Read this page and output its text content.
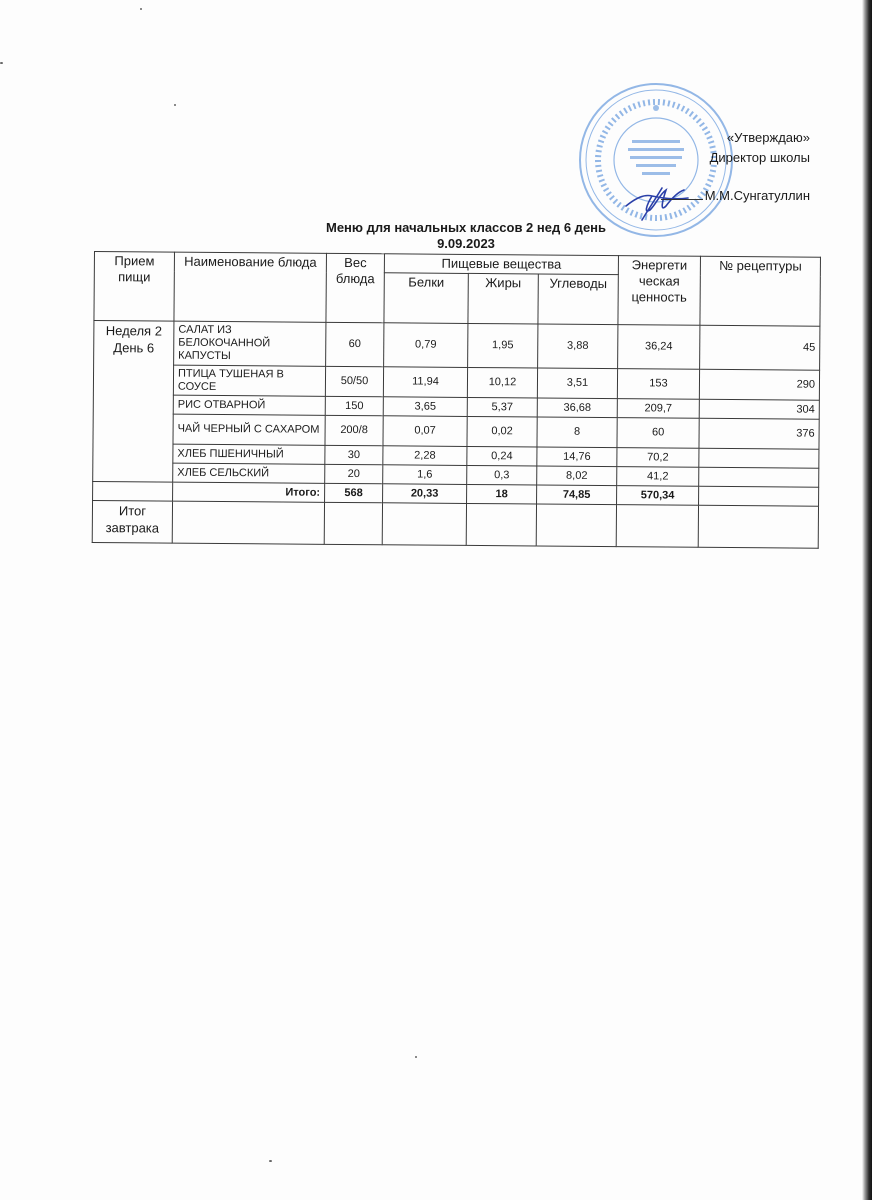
«Утверждаю»
Директор школы
М.М.Сунгатуллин
Меню для начальных классов 2 нед 6 день
9.09.2023
Прием пищи	Наименование блюда	Вес блюда	Пищевые вещества			Энергети ческая ценность	№ рецептуры
			Белки	Жиры	Углеводы		
Неделя 2 День 6	САЛАТ ИЗ БЕЛОКОЧАННОЙ КАПУСТЫ	60	0,79	1,95	3,88	36,24	45
	ПТИЦА ТУШЕНАЯ В СОУСЕ	50/50	11,94	10,12	3,51	153	290
	РИС ОТВАРНОЙ	150	3,65	5,37	36,68	209,7	304
	ЧАЙ ЧЕРНЫЙ С САХАРОМ	200/8	0,07	0,02	8	60	376
	ХЛЕБ ПШЕНИЧНЫЙ	30	2,28	0,24	14,76	70,2	
	ХЛЕБ СЕЛЬСКИЙ	20	1,6	0,3	8,02	41,2	
	Итого:	568	20,33	18	74,85	570,34	
Итог завтрака							
